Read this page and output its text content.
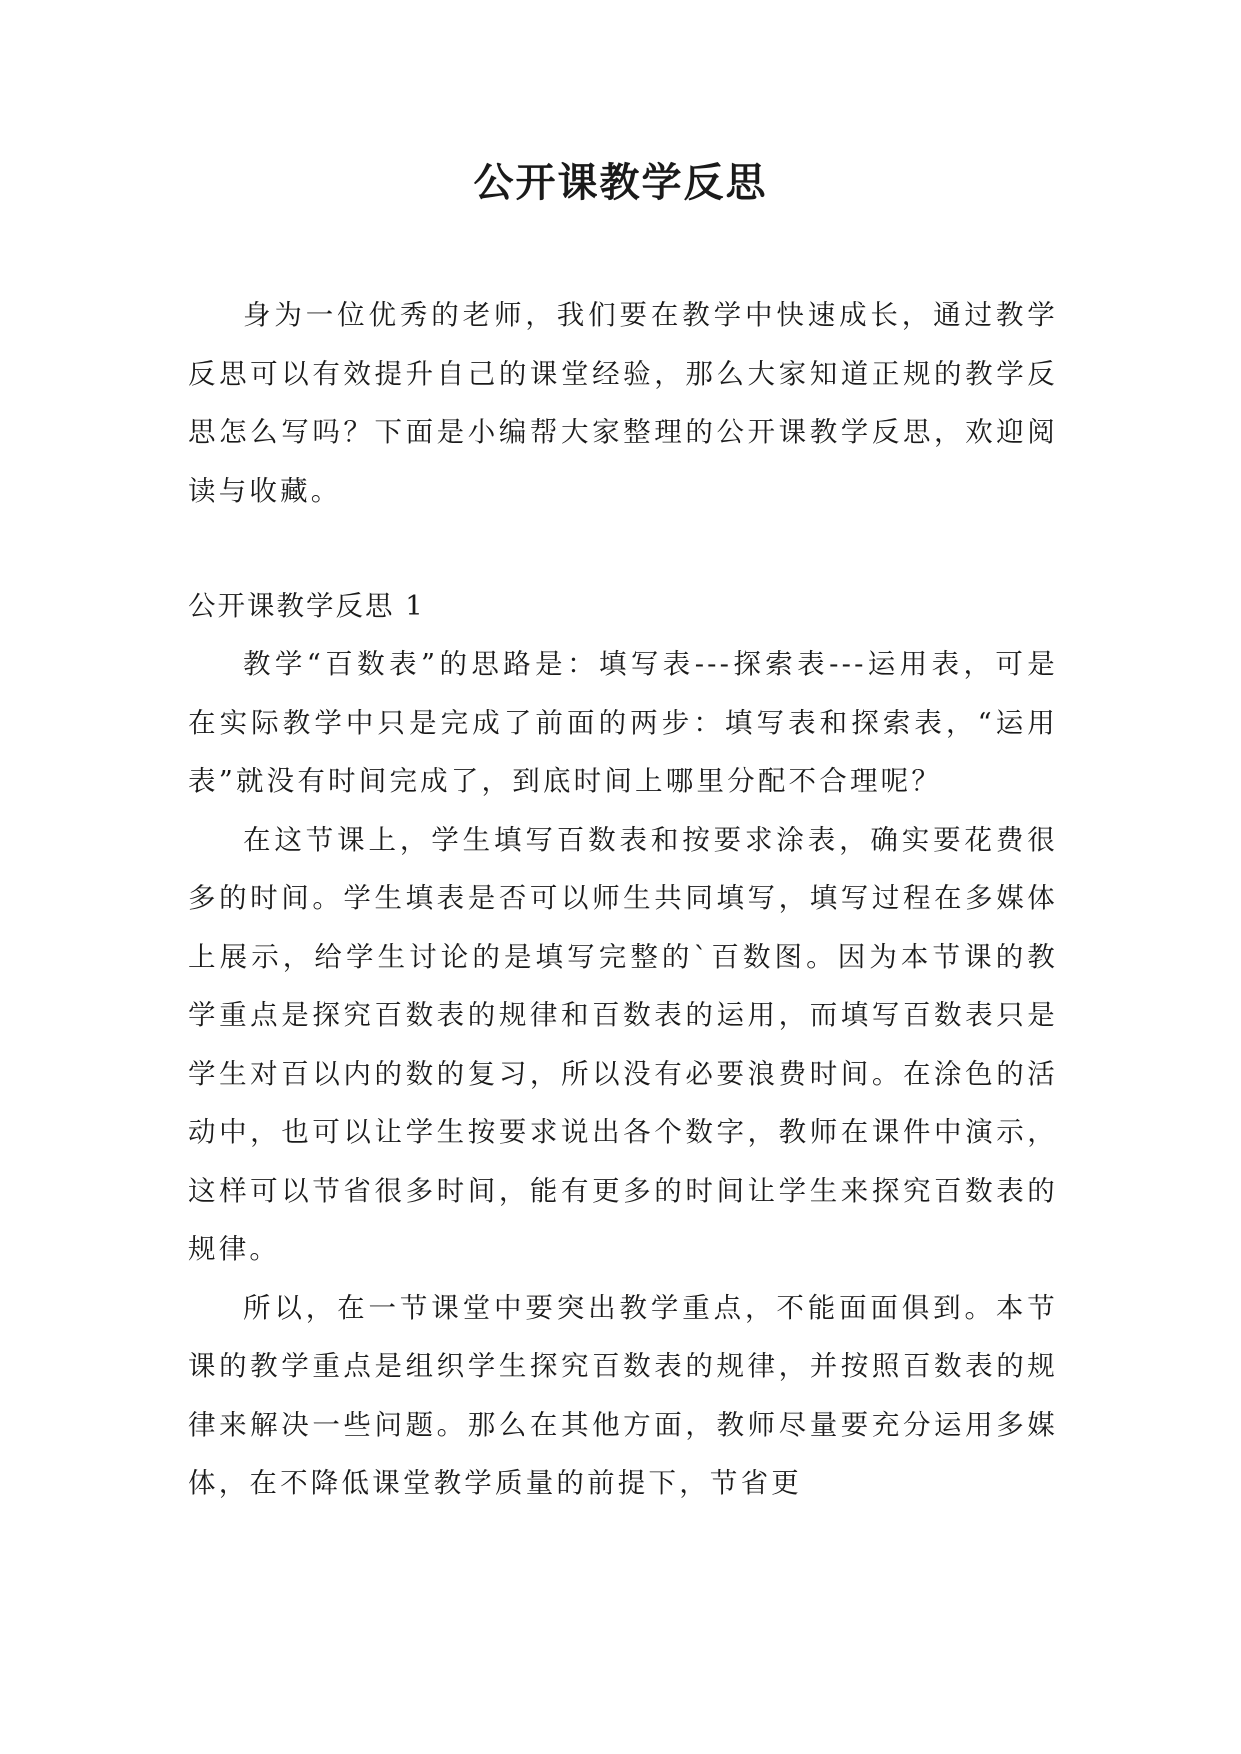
公开课教学反思

身为一位优秀的老师，我们要在教学中快速成长，通过教学反思可以有效提升自己的课堂经验，那么大家知道正规的教学反思怎么写吗？下面是小编帮大家整理的公开课教学反思，欢迎阅读与收藏。

公开课教学反思 1

教学“百数表”的思路是：填写表---探索表---运用表，可是在实际教学中只是完成了前面的两步：填写表和探索表，“运用表”就没有时间完成了，到底时间上哪里分配不合理呢？

在这节课上，学生填写百数表和按要求涂表，确实要花费很多的时间。学生填表是否可以师生共同填写，填写过程在多媒体上展示，给学生讨论的是填写完整的`百数图。因为本节课的教学重点是探究百数表的规律和百数表的运用，而填写百数表只是学生对百以内的数的复习，所以没有必要浪费时间。在涂色的活动中，也可以让学生按要求说出各个数字，教师在课件中演示，这样可以节省很多时间，能有更多的时间让学生来探究百数表的规律。

所以，在一节课堂中要突出教学重点，不能面面俱到。本节课的教学重点是组织学生探究百数表的规律，并按照百数表的规律来解决一些问题。那么在其他方面，教师尽量要充分运用多媒体，在不降低课堂教学质量的前提下，节省更
